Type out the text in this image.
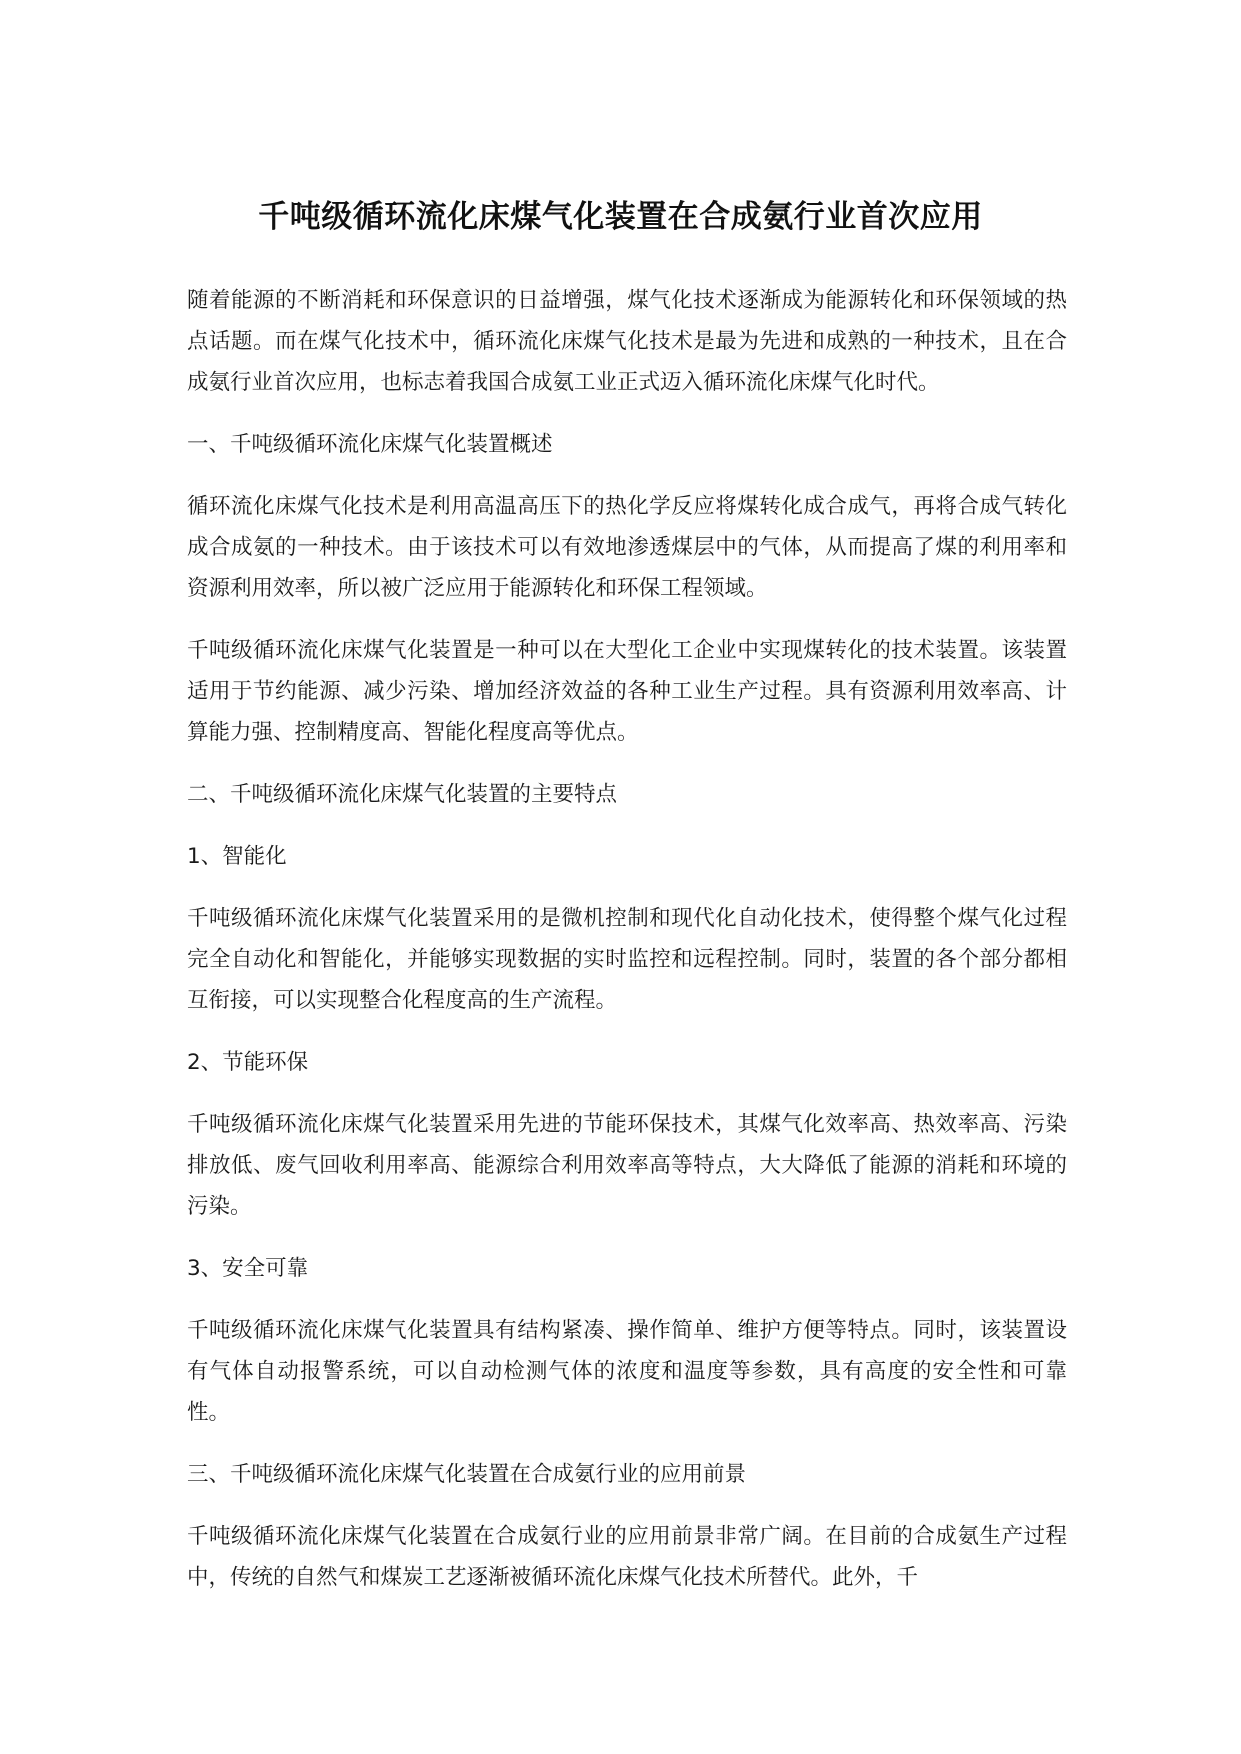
千吨级循环流化床煤气化装置在合成氨行业首次应用

随着能源的不断消耗和环保意识的日益增强，煤气化技术逐渐成为能源转化和环保领域的热点话题。而在煤气化技术中，循环流化床煤气化技术是最为先进和成熟的一种技术，且在合成氨行业首次应用，也标志着我国合成氨工业正式迈入循环流化床煤气化时代。

一、千吨级循环流化床煤气化装置概述

循环流化床煤气化技术是利用高温高压下的热化学反应将煤转化成合成气，再将合成气转化成合成氨的一种技术。由于该技术可以有效地渗透煤层中的气体，从而提高了煤的利用率和资源利用效率，所以被广泛应用于能源转化和环保工程领域。

千吨级循环流化床煤气化装置是一种可以在大型化工企业中实现煤转化的技术装置。该装置适用于节约能源、减少污染、增加经济效益的各种工业生产过程。具有资源利用效率高、计算能力强、控制精度高、智能化程度高等优点。

二、千吨级循环流化床煤气化装置的主要特点

1、智能化

千吨级循环流化床煤气化装置采用的是微机控制和现代化自动化技术，使得整个煤气化过程完全自动化和智能化，并能够实现数据的实时监控和远程控制。同时，装置的各个部分都相互衔接，可以实现整合化程度高的生产流程。

2、节能环保

千吨级循环流化床煤气化装置采用先进的节能环保技术，其煤气化效率高、热效率高、污染排放低、废气回收利用率高、能源综合利用效率高等特点，大大降低了能源的消耗和环境的污染。

3、安全可靠

千吨级循环流化床煤气化装置具有结构紧凑、操作简单、维护方便等特点。同时，该装置设有气体自动报警系统，可以自动检测气体的浓度和温度等参数，具有高度的安全性和可靠性。

三、千吨级循环流化床煤气化装置在合成氨行业的应用前景

千吨级循环流化床煤气化装置在合成氨行业的应用前景非常广阔。在目前的合成氨生产过程中，传统的自然气和煤炭工艺逐渐被循环流化床煤气化技术所替代。此外，千
